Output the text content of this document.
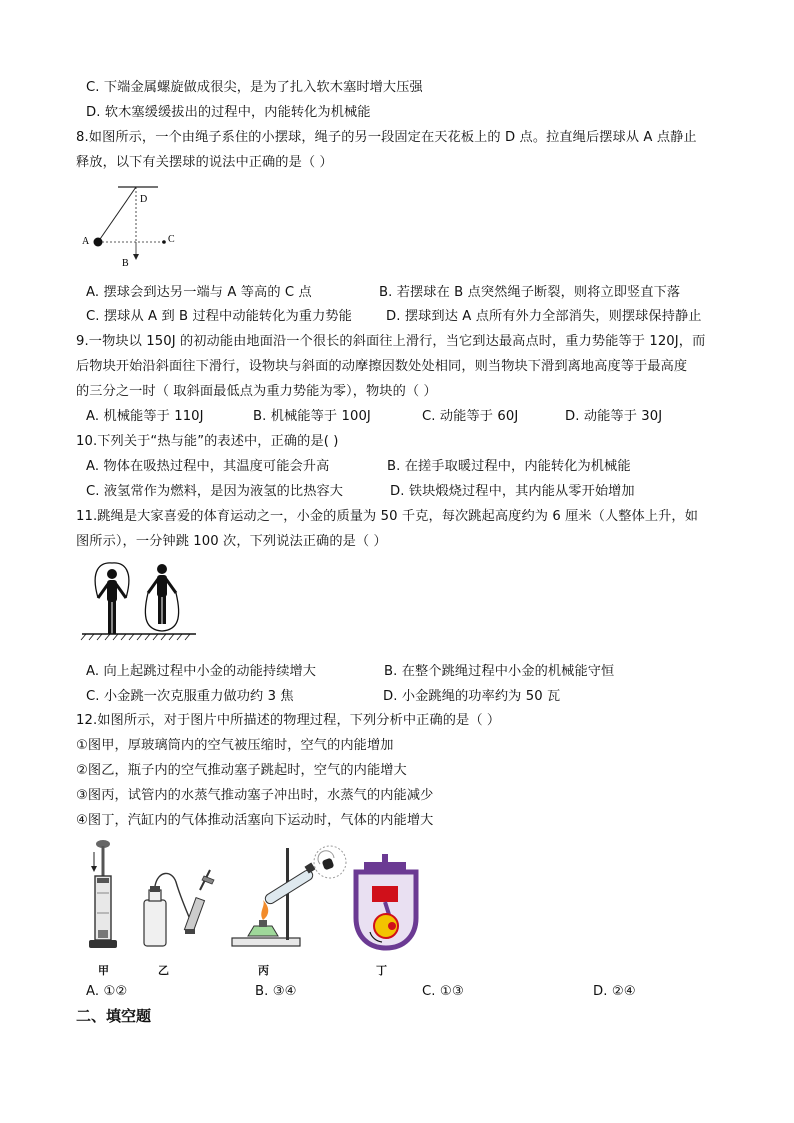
C. 下端金属螺旋做成很尖，是为了扎入软木塞时增大压强
D. 软木塞缓缓拔出的过程中，内能转化为机械能
8.如图所示，一个由绳子系住的小摆球，绳子的另一段固定在天花板上的 D 点。拉直绳后摆球从 A 点静止
释放，以下有关摆球的说法中正确的是（ ）
D
A	C
B
A. 摆球会到达另一端与 A 等高的 C 点	B. 若摆球在 B 点突然绳子断裂，则将立即竖直下落
C. 摆球从 A 到 B 过程中动能转化为重力势能	D. 摆球到达 A 点所有外力全部消失，则摆球保持静止
9.一物块以 150J 的初动能由地面沿一个很长的斜面往上滑行，当它到达最高点时，重力势能等于 120J，而
后物块开始沿斜面往下滑行，设物块与斜面的动摩擦因数处处相同，则当物块下滑到离地高度等于最高度
的三分之一时（ 取斜面最低点为重力势能为零），物块的（ ）
A. 机械能等于 110J	B. 机械能等于 100J	C. 动能等于 60J	D. 动能等于 30J
10.下列关于“热与能”的表述中，正确的是( )
A. 物体在吸热过程中，其温度可能会升高	B. 在搓手取暖过程中，内能转化为机械能
C. 液氢常作为燃料，是因为液氢的比热容大	D. 铁块煅烧过程中，其内能从零开始增加
11.跳绳是大家喜爱的体育运动之一，小金的质量为 50 千克，每次跳起高度约为 6 厘米（人整体上升，如
图所示），一分钟跳 100 次，下列说法正确的是（ ）
A. 向上起跳过程中小金的动能持续增大	B. 在整个跳绳过程中小金的机械能守恒
C. 小金跳一次克服重力做功约 3 焦	D. 小金跳绳的功率约为 50 瓦
12.如图所示，对于图片中所描述的物理过程，下列分析中正确的是（ ）
①图甲，厚玻璃筒内的空气被压缩时，空气的内能增加
②图乙，瓶子内的空气推动塞子跳起时，空气的内能增大
③图丙，试管内的水蒸气推动塞子冲出时，水蒸气的内能减少
④图丁，汽缸内的气体推动活塞向下运动时，气体的内能增大
甲	乙	丙	丁
A. ①②	B. ③④	C. ①③	D. ②④
二、填空题
